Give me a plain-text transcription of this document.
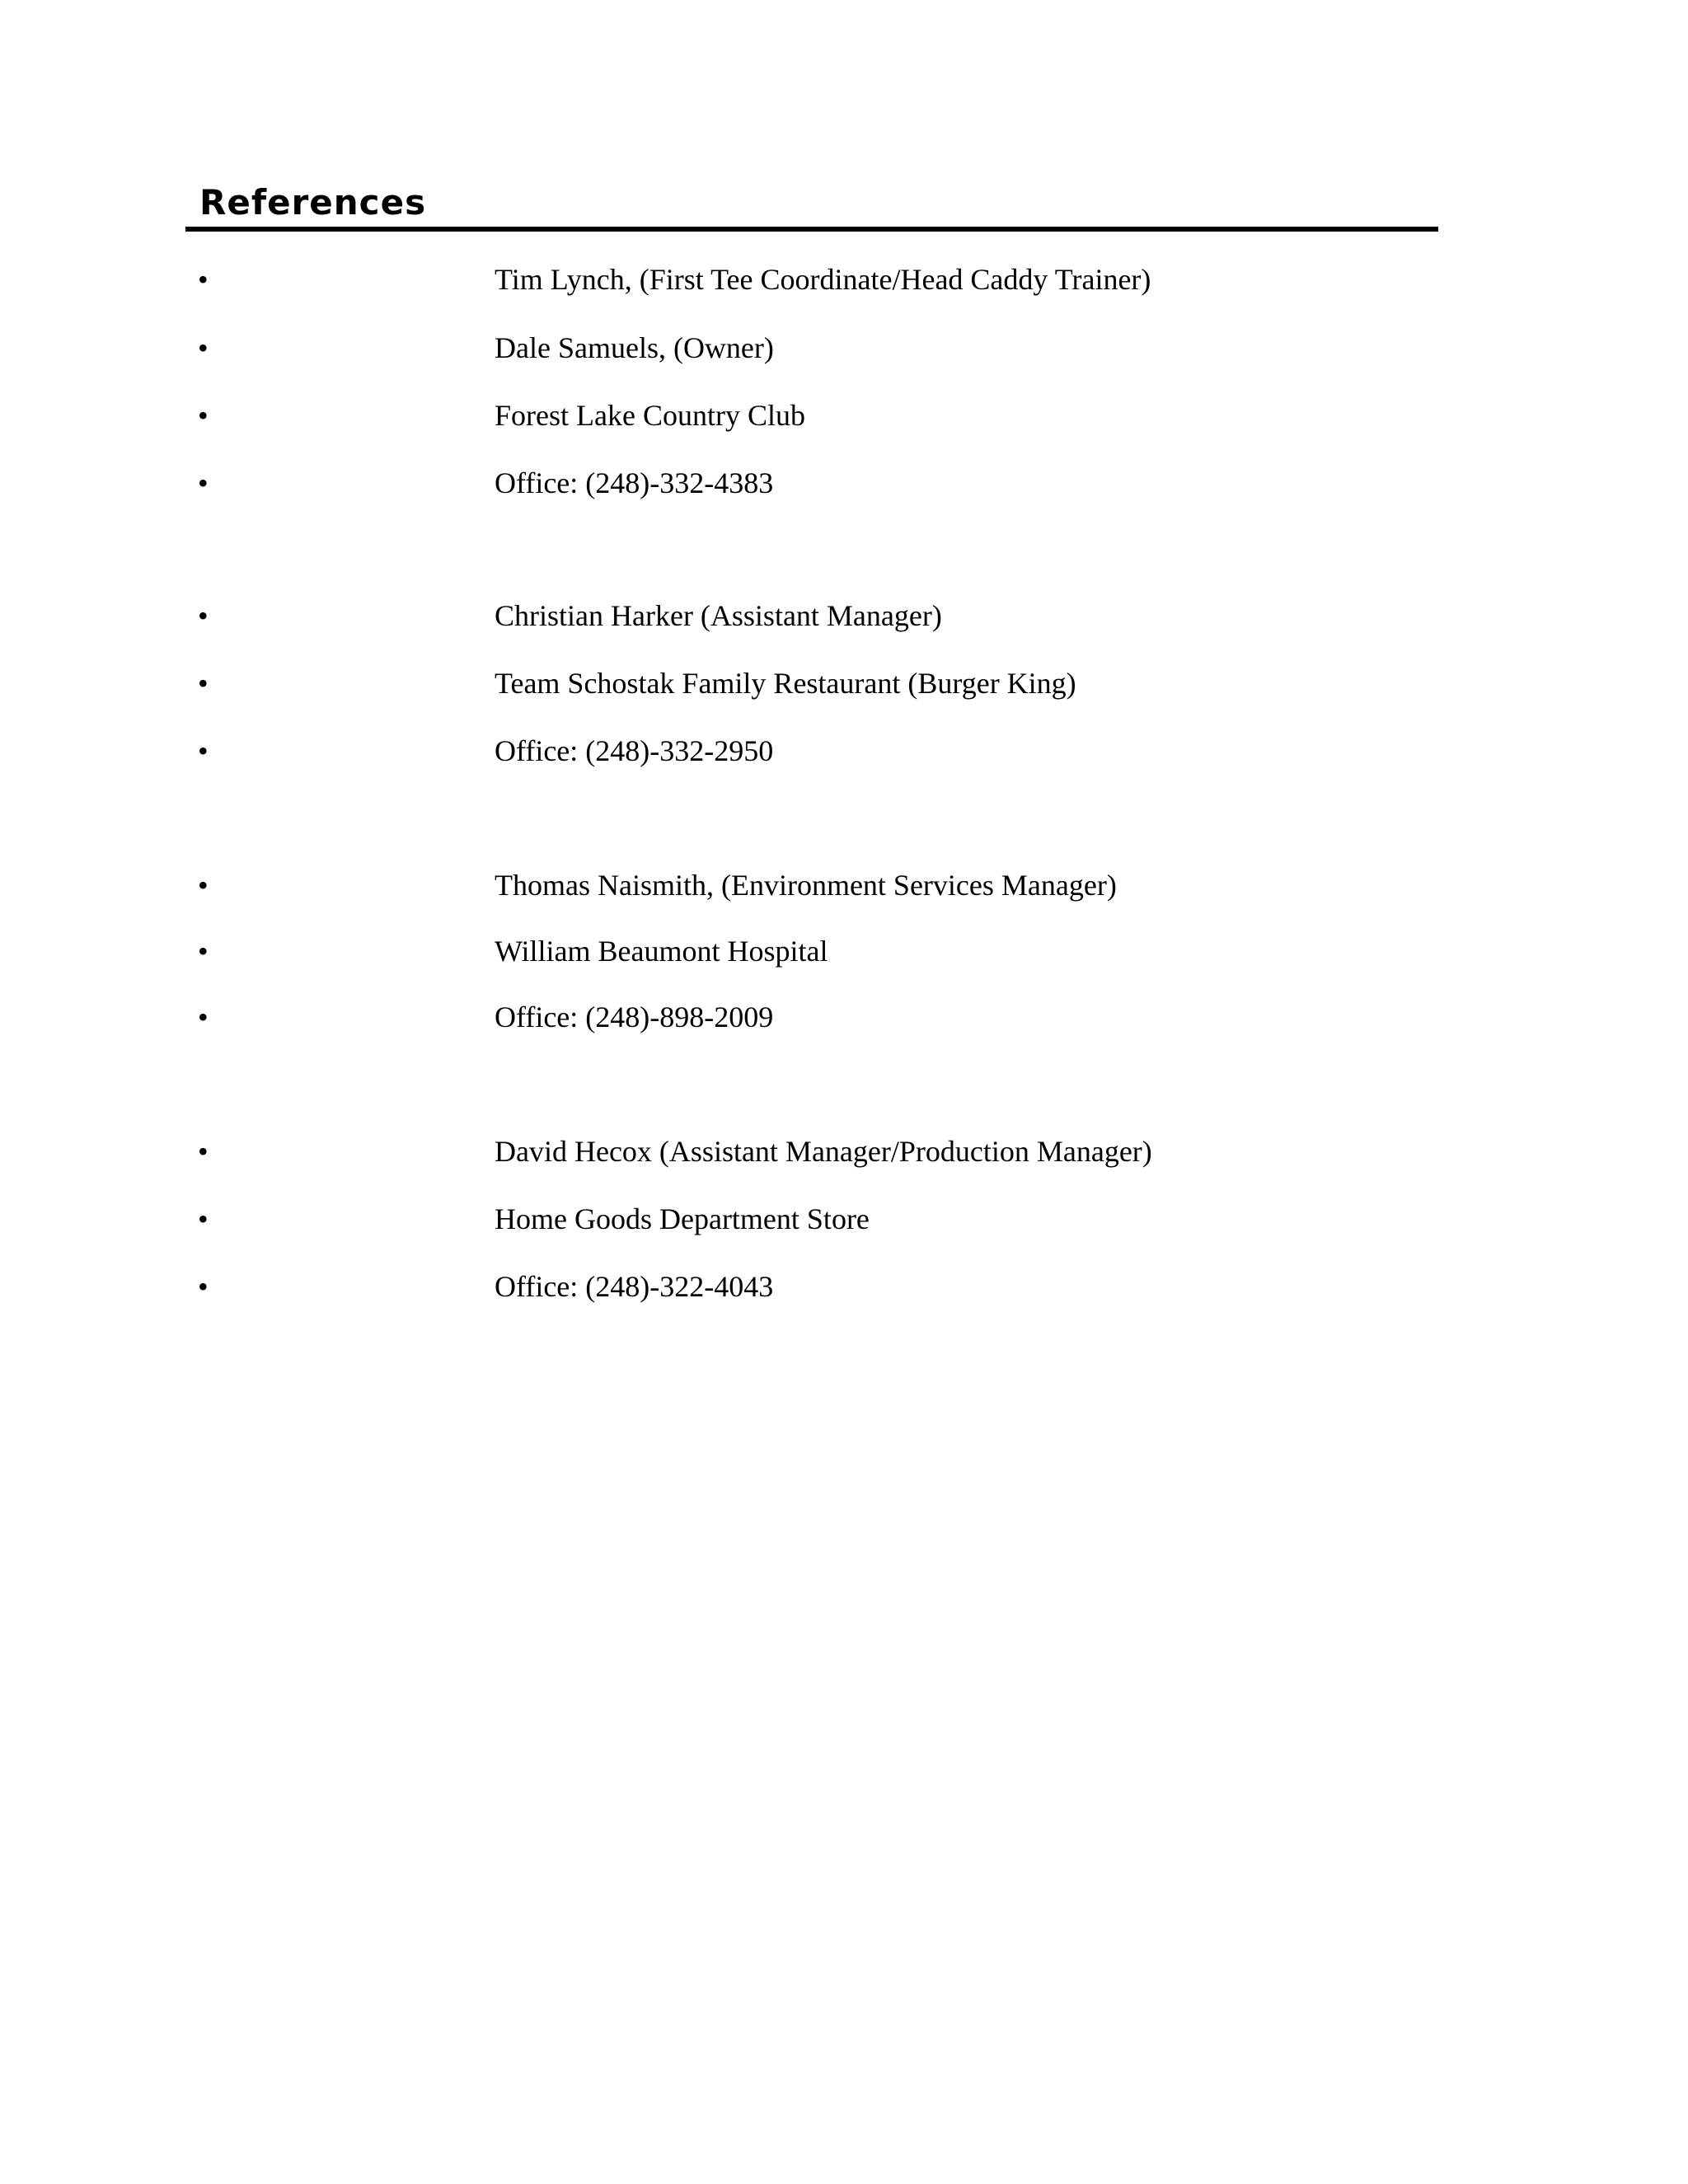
References
•	Tim Lynch, (First Tee Coordinate/Head Caddy Trainer)
•	Dale Samuels, (Owner)
•	Forest Lake Country Club
•	Office: (248)-332-4383
•	Christian Harker (Assistant Manager)
•	Team Schostak Family Restaurant (Burger King)
•	Office: (248)-332-2950
•	Thomas Naismith, (Environment Services Manager)
•	William Beaumont Hospital
•	Office: (248)-898-2009
•	David Hecox (Assistant Manager/Production Manager)
•	Home Goods Department Store
•	Office: (248)-322-4043
